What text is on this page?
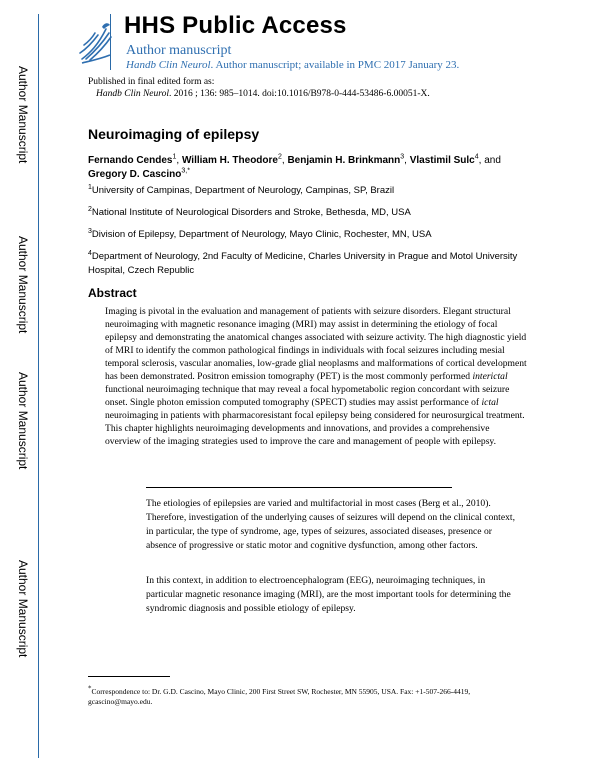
Author Manuscript
Author Manuscript
Author Manuscript
Author Manuscript
HHS Public Access
Author manuscript
Handb Clin Neurol. Author manuscript; available in PMC 2017 January 23.
Published in final edited form as:
Handb Clin Neurol. 2016 ; 136: 985–1014. doi:10.1016/B978-0-444-53486-6.00051-X.
Neuroimaging of epilepsy
Fernando Cendes$^1$, William H. Theodore$^2$, Benjamin H. Brinkmann$^3$, Vlastimil Sulc$^4$, and
Gregory D. Cascino$^{3,*}$
$^1$University of Campinas, Department of Neurology, Campinas, SP, Brazil
$^2$National Institute of Neurological Disorders and Stroke, Bethesda, MD, USA
$^3$Division of Epilepsy, Department of Neurology, Mayo Clinic, Rochester, MN, USA
$^4$Department of Neurology, 2nd Faculty of Medicine, Charles University in Prague and Motol University Hospital, Czech Republic
Abstract
Imaging is pivotal in the evaluation and management of patients with seizure disorders. Elegant structural neuroimaging with magnetic resonance imaging (MRI) may assist in determining the etiology of focal epilepsy and demonstrating the anatomical changes associated with seizure activity. The high diagnostic yield of MRI to identify the common pathological findings in individuals with focal seizures including mesial temporal sclerosis, vascular anomalies, low-grade glial neoplasms and malformations of cortical development has been demonstrated. Positron emission tomography (PET) is the most commonly performed interictal functional neuroimaging technique that may reveal a focal hypometabolic region concordant with seizure onset. Single photon emission computed tomography (SPECT) studies may assist performance of ictal neuroimaging in patients with pharmacoresistant focal epilepsy being considered for neurosurgical treatment. This chapter highlights neuroimaging developments and innovations, and provides a comprehensive overview of the imaging strategies used to improve the care and management of people with epilepsy.
The etiologies of epilepsies are varied and multifactorial in most cases (Berg et al., 2010). Therefore, investigation of the underlying causes of seizures will depend on the clinical context, in particular, the type of syndrome, age, types of seizures, associated diseases, presence or absence of progressive or static motor and cognitive dysfunction, among other factors.
In this context, in addition to electroencephalogram (EEG), neuroimaging techniques, in particular magnetic resonance imaging (MRI), are the most important tools for determining the syndromic diagnosis and possible etiology of epilepsy.
*Correspondence to: Dr. G.D. Cascino, Mayo Clinic, 200 First Street SW, Rochester, MN 55905, USA. Fax: +1-507-266-4419, gcascino@mayo.edu.
